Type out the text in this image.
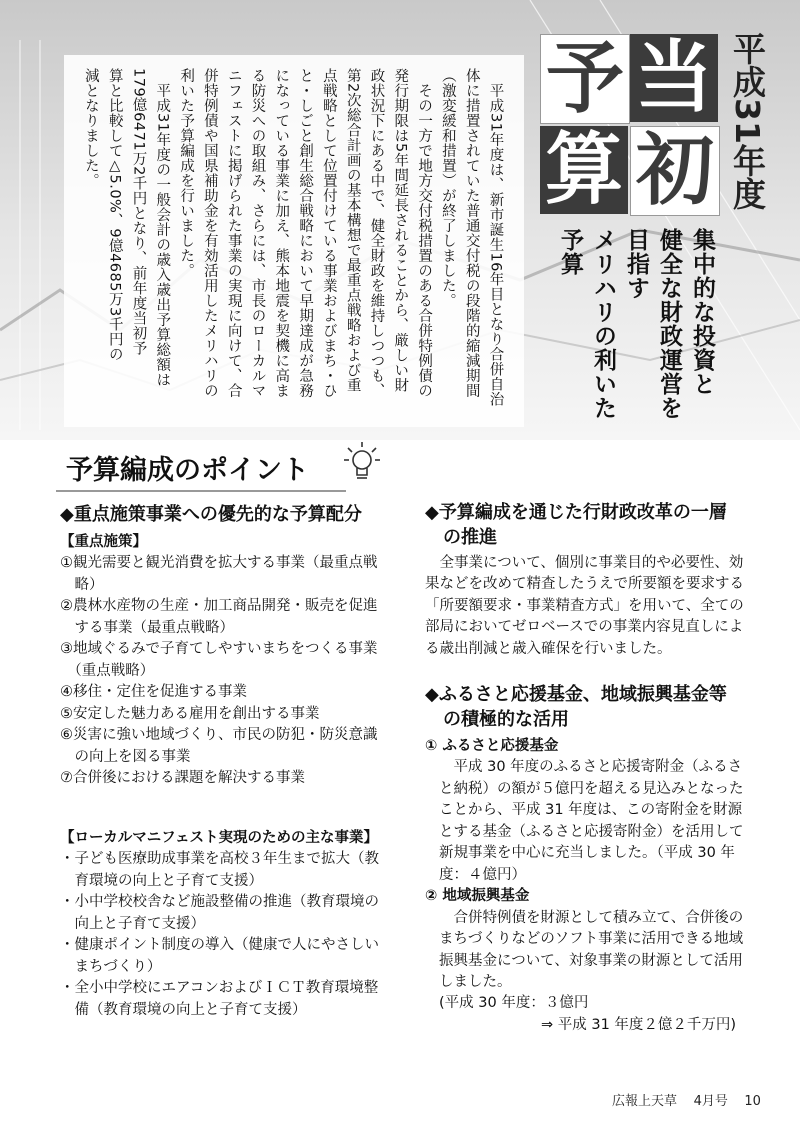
　平成31年度は、新市誕生16年目となり合併自治
体に措置されていた普通交付税の段階的縮減期間
（激変緩和措置）が終了しました。
　その一方で地方交付税措置のある合併特例債の
発行期限は5年間延長されることから、厳しい財
政状況下にある中で、健全財政を維持しつつも、
第2次総合計画の基本構想で最重点戦略および重
点戦略として位置付けている事業およびまち・ひ
と・しごと創生総合戦略において早期達成が急務
になっている事業に加え、熊本地震を契機に高ま
る防災への取組み、さらには、市長のローカルマ
ニフェストに掲げられた事業の実現に向けて、合
併特例債や国県補助金を有効活用したメリハリの
利いた予算編成を行いました。
　平成31年度の一般会計の歳入歳出予算総額は
179億6471万2千円となり、前年度当初予
算と比較して△5.0%、9億4685万3千円の
減となりました。	予 当
算 初 平成31年度
集中的な投資と
健全な財政運営を
目指す
メリハリの利いた
予算
予算編成のポイント
◆重点施策事業への優先的な予算配分
【重点施策】
①観光需要と観光消費を拡大する事業（最重点戦
　略）
②農林水産物の生産・加工商品開発・販売を促進
　する事業（最重点戦略）
③地域ぐるみで子育てしやすいまちをつくる事業
　（重点戦略）
④移住・定住を促進する事業
⑤安定した魅力ある雇用を創出する事業
⑥災害に強い地域づくり、市民の防犯・防災意識
　の向上を図る事業
⑦合併後における課題を解決する事業
【ローカルマニフェスト実現のための主な事業】
・子ども医療助成事業を高校３年生まで拡大（教
　育環境の向上と子育て支援）
・小中学校校舎など施設整備の推進（教育環境の
　向上と子育て支援）
・健康ポイント制度の導入（健康で人にやさしい
　まちづくり）
・全小中学校にエアコンおよびＩＣＴ教育環境整
　備（教育環境の向上と子育て支援）
◆予算編成を通じた行財政改革の一層
　の推進
　全事業について、個別に事業目的や必要性、効
果などを改めて精査したうえで所要額を要求する
「所要額要求・事業精査方式」を用いて、全ての
部局においてゼロベースでの事業内容見直しによ
る歳出削減と歳入確保を行いました。
◆ふるさと応援基金、地域振興基金等
　の積極的な活用
① ふるさと応援基金
　平成 30 年度のふるさと応援寄附金（ふるさ
と納税）の額が５億円を超える見込みとなった
ことから、平成 31 年度は、この寄附金を財源
とする基金（ふるさと応援寄附金）を活用して
新規事業を中心に充当しました。（平成 30 年
度：４億円）
② 地域振興基金
　合併特例債を財源として積み立て、合併後の
まちづくりなどのソフト事業に活用できる地域
振興基金について、対象事業の財源として活用
しました。
(平成 30 年度：３億円
⇒ 平成 31 年度２億２千万円)
広報上天草 4月号 10
